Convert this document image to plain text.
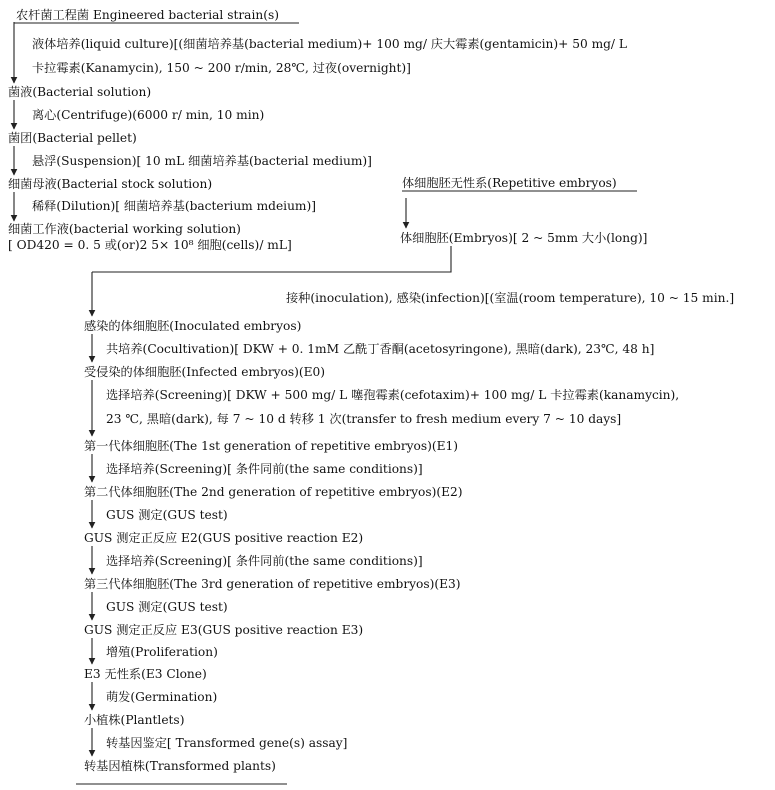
农杆菌工程菌 Engineered bacterial strain(s)
液体培养(liquid culture)[(细菌培养基(bacterial medium)+ 100 mg/ 庆大霉素(gentamicin)+ 50 mg/ L
卡拉霉素(Kanamycin), 150 ~ 200 r/min, 28℃, 过夜(overnight)]
菌液(Bacterial solution)
离心(Centrifuge)(6000 r/ min, 10 min)
菌团(Bacterial pellet)
悬浮(Suspension)[ 10 mL 细菌培养基(bacterial medium)]
细菌母液(Bacterial stock solution)
稀释(Dilution)[ 细菌培养基(bacterium mdeium)]
细菌工作液(bacterial working solution)
[ OD420 = 0. 5 或(or)2 5× 10⁸ 细胞(cells)/ mL]
体细胞胚无性系(Repetitive embryos)
体细胞胚(Embryos)[ 2 ~ 5mm 大小(long)]
接种(inoculation), 感染(infection)[(室温(room temperature), 10 ~ 15 min.]
感染的体细胞胚(Inoculated embryos)
共培养(Cocultivation)[ DKW + 0. 1mM 乙酰丁香酮(acetosyringone), 黑暗(dark), 23℃, 48 h]
受侵染的体细胞胚(Infected embryos)(E0)
选择培养(Screening)[ DKW + 500 mg/ L 噻孢霉素(cefotaxim)+ 100 mg/ L 卡拉霉素(kanamycin),
23 ℃, 黑暗(dark), 每 7 ~ 10 d 转移 1 次(transfer to fresh medium every 7 ~ 10 days]
第一代体细胞胚(The 1st generation of repetitive embryos)(E1)
选择培养(Screening)[ 条件同前(the same conditions)]
第二代体细胞胚(The 2nd generation of repetitive embryos)(E2)
GUS 测定(GUS test)
GUS 测定正反应 E2(GUS positive reaction E2)
选择培养(Screening)[ 条件同前(the same conditions)]
第三代体细胞胚(The 3rd generation of repetitive embryos)(E3)
GUS 测定(GUS test)
GUS 测定正反应 E3(GUS positive reaction E3)
增殖(Proliferation)
E3 无性系(E3 Clone)
萌发(Germination)
小植株(Plantlets)
转基因鉴定[ Transformed gene(s) assay]
转基因植株(Transformed plants)
